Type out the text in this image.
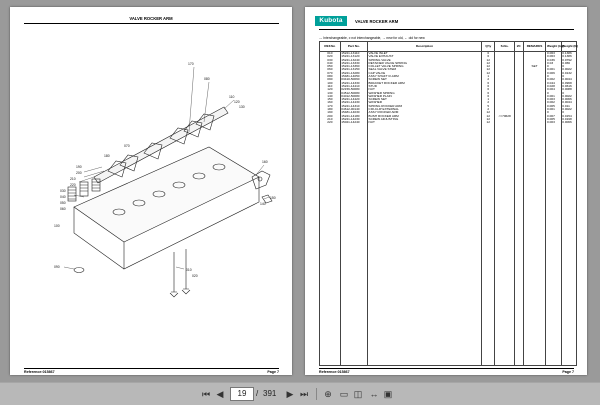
VALVE ROCKER ARM
190
200
210
220
030
040
050
060
170
080
110
120
130
160
150
140
010
020
090
100
180
070
Reference:015867	Page 7
Kubota	VALVE ROCKER ARM
↔ Interchangeable, ≠ not interchangeable, → new for old, ← old for new
REF.No	Part No.	Description	Q'ty	S.No.	I/C	REMARKS	Weight (kg)	Weight (lb)
010	15221-13110	VALVE INLET	6				0.063	0.1386
020	15221-13120	VALVE EXHAUST	6				0.063	0.1386
030	15221-13240	SPRING VALVE	12				0.036	0.0792
040	15221-13330	RETAINER VALVE SPRING	12				0.03	0.066
050	15221-13360	COLLET VALVE SPRING	12			SET	0	0
060	15221-13150	SEAL VALVE STEM	12				0.001	0.0022
070	15221-13280	CAP VALVE	12				0.006	0.0132
080	15481-14050	ASSY SHAFT R-ARM	1				0	0
090	03410-50060	SCREW SET	2				0.002	0.0044
100	15221-14330	BRACKET ROCKER ARM	6				0.044	0.0968
110	15221-14410	STUD	6				0.028	0.0616
120	02156-50080	NUT	6				0.004	0.0088
130	04512-50080	WASHER SPRING	6				0	0
140	04012-50080	WASHER PLAIN	6				0.001	0.0022
150	15221-14420	SCREW SET	1				0.003	0.0066
160	15221-14430	WASHER	2				0.002	0.0044
170	15221-14310	SPRING ROCKER ARM	5				0.005	0.011
180	04612-00140	CIR-CLIP EXTERNAL	2				0.001	0.0022
190	15481-14030	ASSY ROCKER ARM	12				0	0
200	15221-14180	BUSH ROCKER ARM	12	<=70628			0.007	0.0154
210	15221-14230	SCREW ADJUSTING	12				0.005	0.0198
220	15021-14240	NUT	12				0.003	0.0066

Reference:015867	Page 7
⏮ ◀	19	/ 391 ▶ ⏭ ⊕ ▭ ◫ ↔ ▣
